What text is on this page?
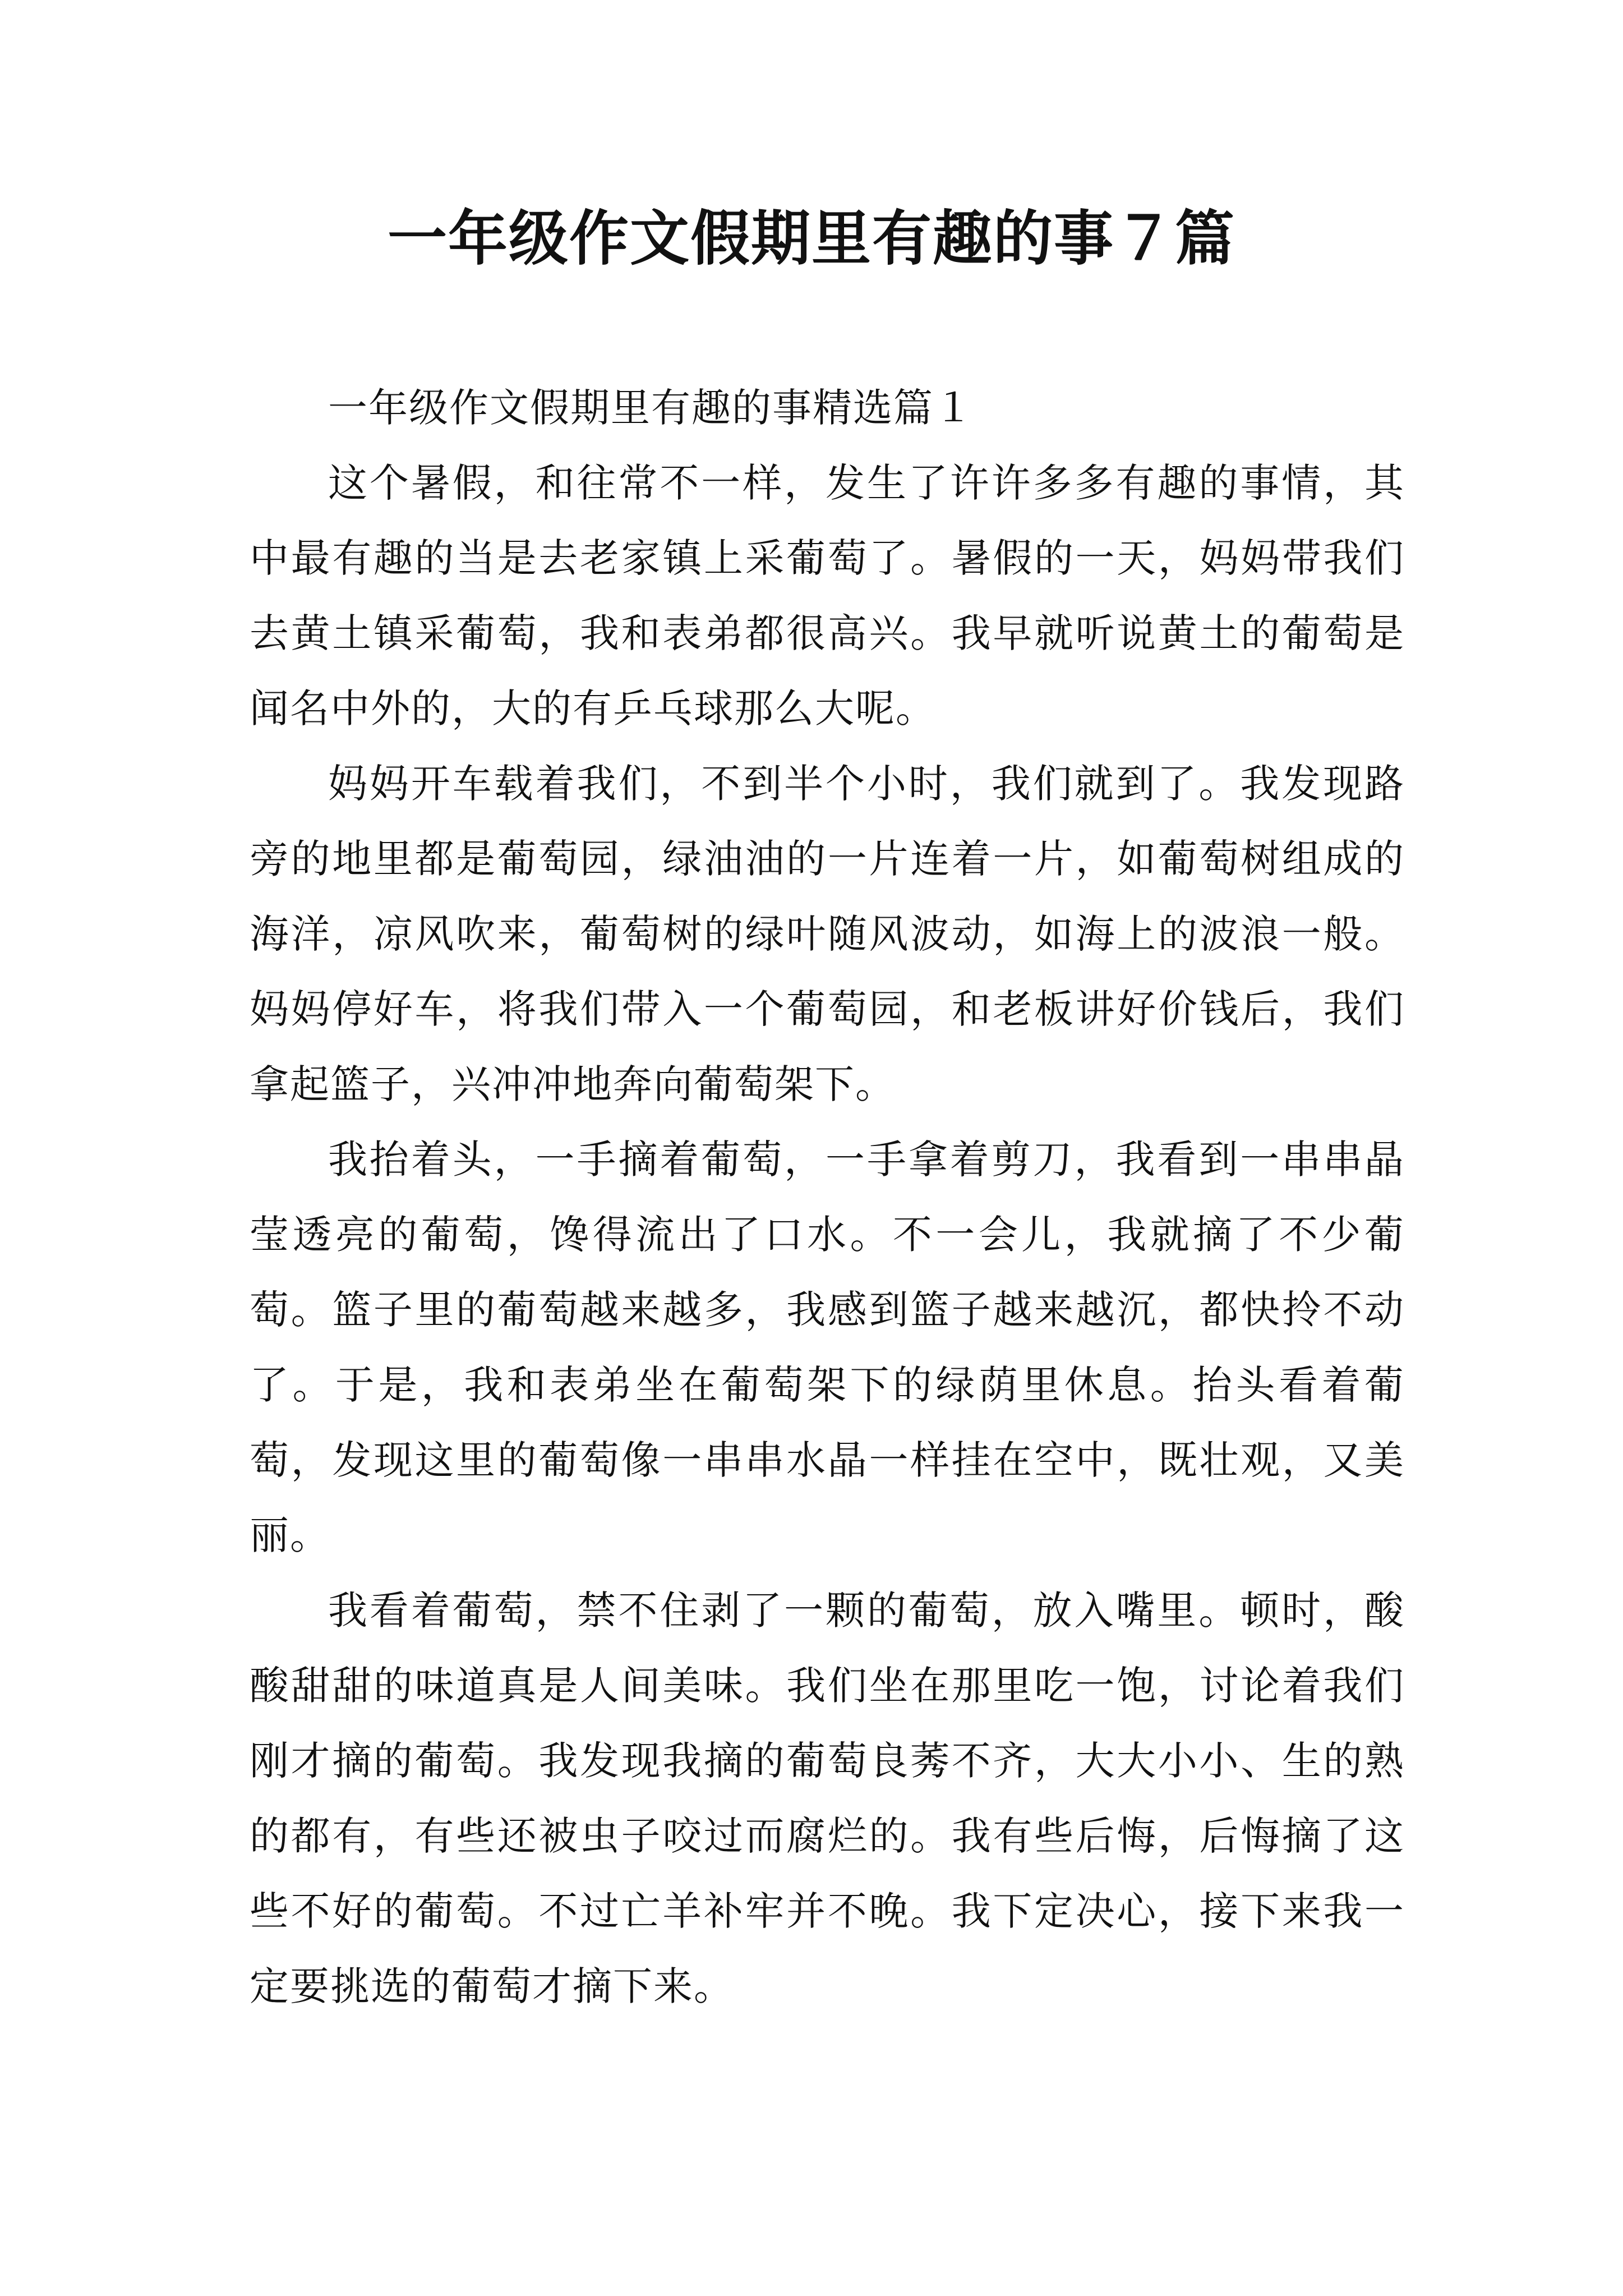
一年级作文假期里有趣的事７篇
一年级作文假期里有趣的事精选篇１

这个暑假，和往常不一样，发生了许许多多有趣的事情，其中最有趣的当是去老家镇上采葡萄了。暑假的一天，妈妈带我们去黄土镇采葡萄，我和表弟都很高兴。我早就听说黄土的葡萄是闻名中外的，大的有乒乓球那么大呢。

妈妈开车载着我们，不到半个小时，我们就到了。我发现路旁的地里都是葡萄园，绿油油的一片连着一片，如葡萄树组成的海洋，凉风吹来，葡萄树的绿叶随风波动，如海上的波浪一般。妈妈停好车，将我们带入一个葡萄园，和老板讲好价钱后，我们拿起篮子，兴冲冲地奔向葡萄架下。

我抬着头，一手摘着葡萄，一手拿着剪刀，我看到一串串晶莹透亮的葡萄，馋得流出了口水。不一会儿，我就摘了不少葡萄。篮子里的葡萄越来越多，我感到篮子越来越沉，都快拎不动了。于是，我和表弟坐在葡萄架下的绿荫里休息。抬头看着葡萄，发现这里的葡萄像一串串水晶一样挂在空中，既壮观，又美丽。

我看着葡萄，禁不住剥了一颗的葡萄，放入嘴里。顿时，酸酸甜甜的味道真是人间美味。我们坐在那里吃一饱，讨论着我们刚才摘的葡萄。我发现我摘的葡萄良莠不齐，大大小小、生的熟的都有，有些还被虫子咬过而腐烂的。我有些后悔，后悔摘了这些不好的葡萄。不过亡羊补牢并不晚。我下定决心，接下来我一定要挑选的葡萄才摘下来。
